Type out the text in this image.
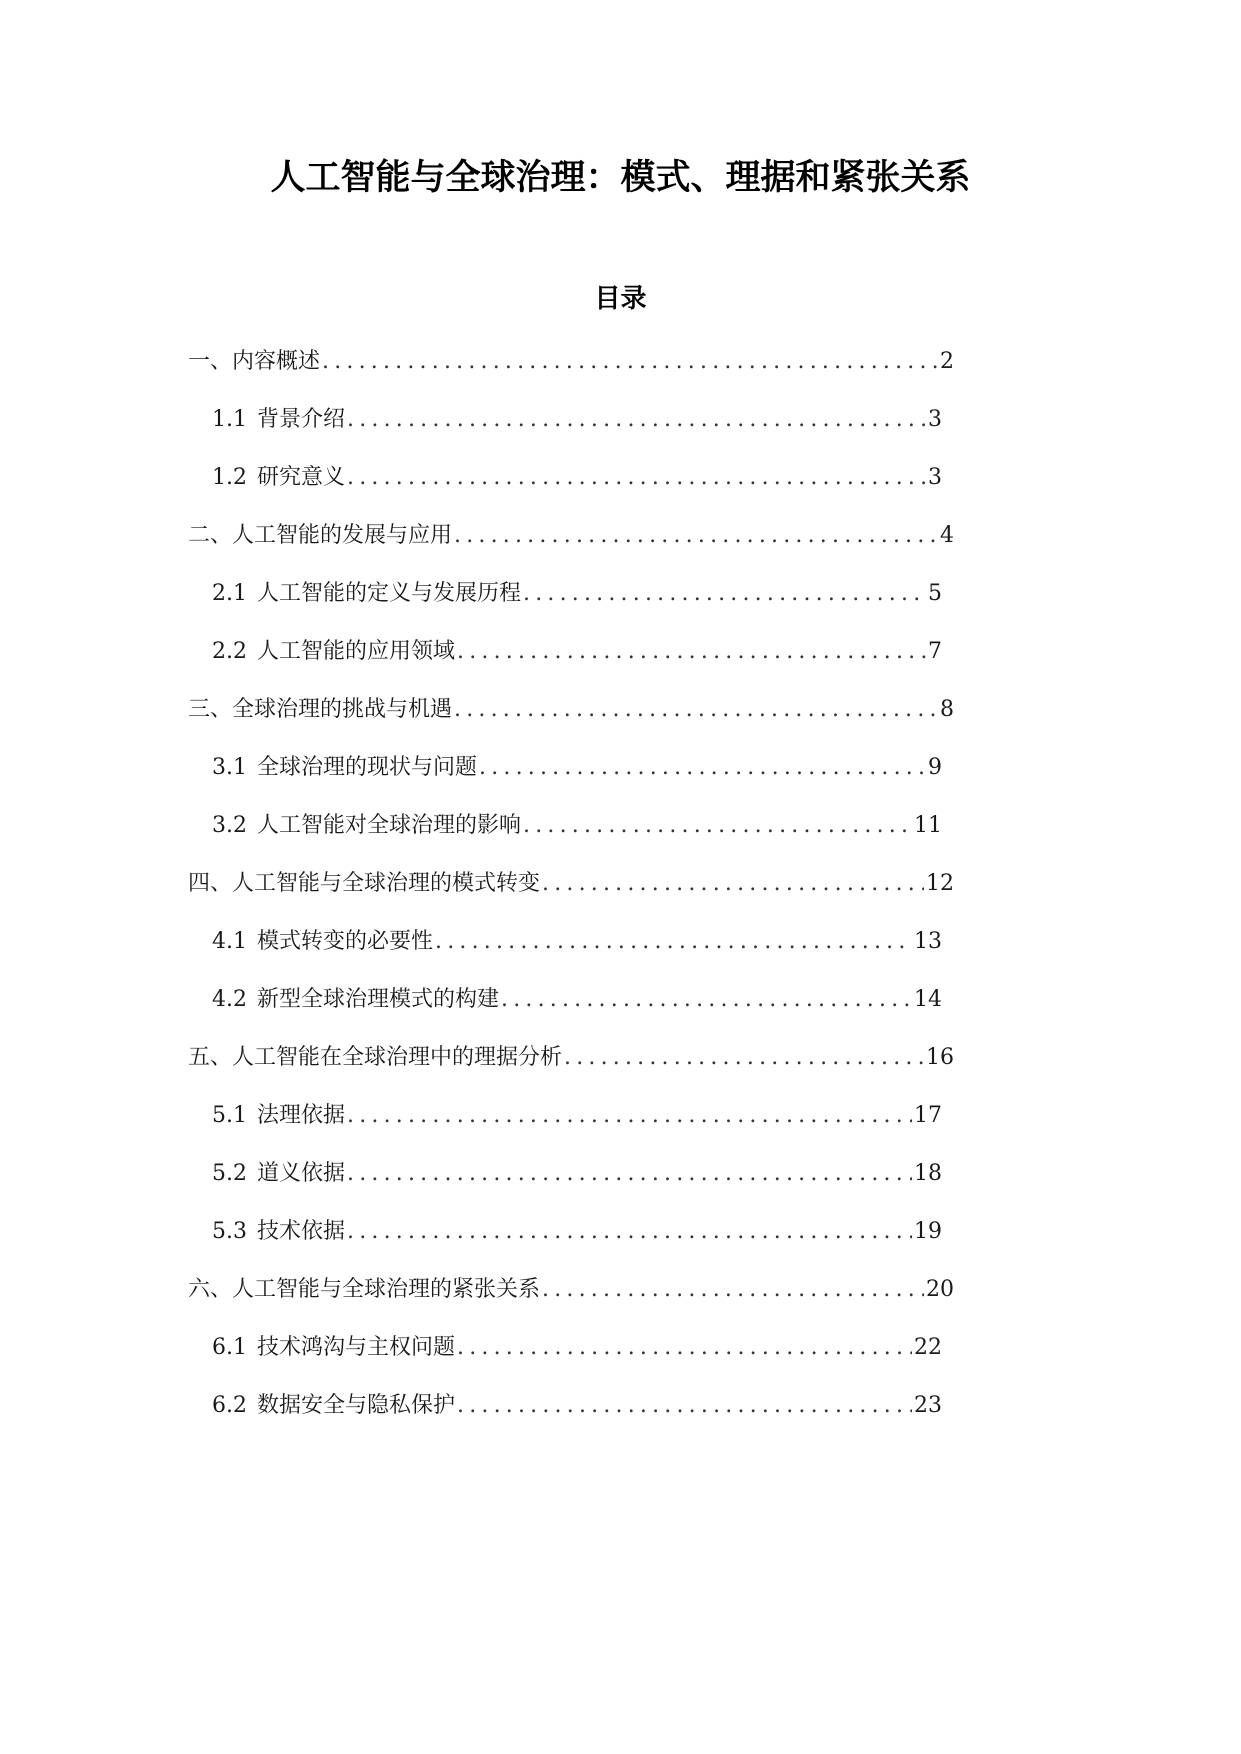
人工智能与全球治理：模式、理据和紧张关系
目录
一、内容概述 .....	2
1.1 背景介绍 .....	3
1.2 研究意义 .....	3
二、人工智能的发展与应用 .....	4
2.1 人工智能的定义与发展历程 .....	5
2.2 人工智能的应用领域 .....	7
三、全球治理的挑战与机遇 .....	8
3.1 全球治理的现状与问题 .....	9
3.2 人工智能对全球治理的影响 .....	11
四、人工智能与全球治理的模式转变 .....	12
4.1 模式转变的必要性 .....	13
4.2 新型全球治理模式的构建 .....	14
五、人工智能在全球治理中的理据分析 .....	16
5.1 法理依据 .....	17
5.2 道义依据 .....	18
5.3 技术依据 .....	19
六、人工智能与全球治理的紧张关系 .....	20
6.1 技术鸿沟与主权问题 .....	22
6.2 数据安全与隐私保护 .....	23
